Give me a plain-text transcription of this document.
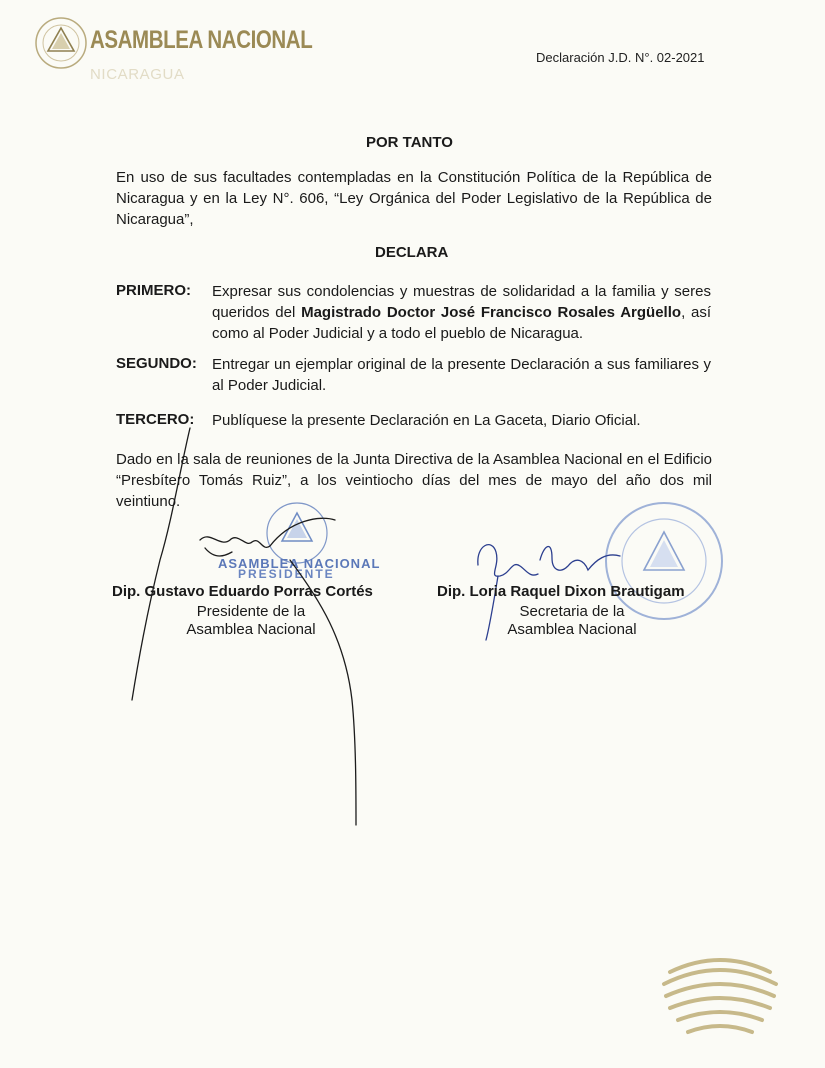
ASAMBLEA NACIONAL
NICARAGUA
Declaración J.D. N°. 02-2021
POR TANTO
En uso de sus facultades contempladas en la Constitución Política de la República de Nicaragua y en la Ley N°. 606, “Ley Orgánica del Poder Legislativo de la República de Nicaragua”,
DECLARA
PRIMERO: Expresar sus condolencias y muestras de solidaridad a la familia y seres queridos del Magistrado Doctor José Francisco Rosales Argüello, así como al Poder Judicial y a todo el pueblo de Nicaragua.
SEGUNDO: Entregar un ejemplar original de la presente Declaración a sus familiares y al Poder Judicial.
TERCERO: Publíquese la presente Declaración en La Gaceta, Diario Oficial.
Dado en la sala de reuniones de la Junta Directiva de la Asamblea Nacional en el Edificio “Presbítero Tomás Ruiz”, a los veintiocho días del mes de mayo del año dos mil veintiuno.
ASAMBLEA NACIONAL
PRESIDENTE
Dip. Gustavo Eduardo Porras Cortés
Presidente de la
Asamblea Nacional
Dip. Loria Raquel Dixon Brautigam
Secretaria de la
Asamblea Nacional
